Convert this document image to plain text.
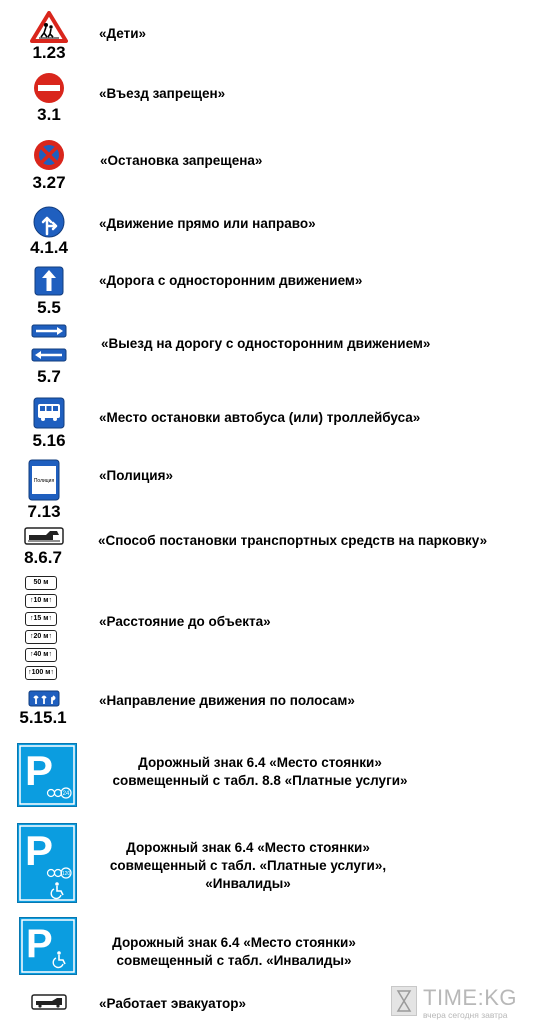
1.23
«Дети»
3.1
«Въезд запрещен»
3.27
«Остановка запрещена»
4.1.4
«Движение прямо или направо»
5.5
«Дорога с односторонним движением»
5.7
«Выезд на дорогу с односторонним движением»
5.16
«Место остановки автобуса (или) троллейбуса»
Полиция
7.13
«Полиция»
8.6.7
«Способ постановки транспортных средств на парковку»
50 м
↑10 м↑
↑15 м↑
↑20 м↑
↑40 м↑
↑100 м↑
«Расстояние до объекта»
5.15.1
«Направление движения по полосам»
P 24
Дорожный знак 6.4 «Место стоянки»
совмещенный с табл. 8.8 «Платные услуги»
P 120
Дорожный знак 6.4 «Место стоянки»
совмещенный с табл. «Платные услуги»,
«Инвалиды»
P	Дорожный знак 6.4 «Место стоянки»
совмещенный с табл. «Инвалиды»
«Работает эвакуатор»	TIME:KG
вчера сегодня завтра
